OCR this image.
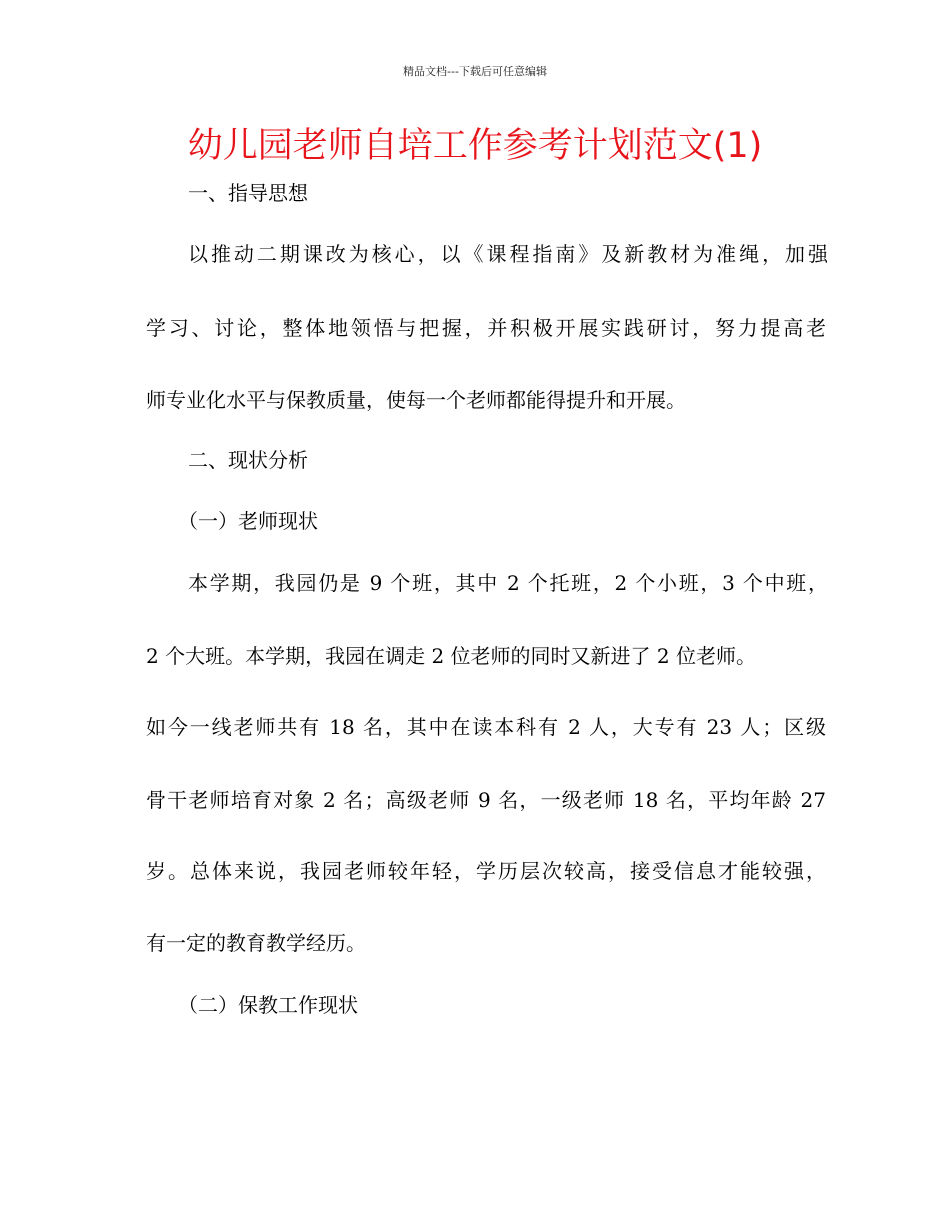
精品文档---下载后可任意编辑
幼儿园老师自培工作参考计划范文(1)

一、指导思想

以推动二期课改为核心，以《课程指南》及新教材为准绳，加强

学习、讨论，整体地领悟与把握，并积极开展实践研讨，努力提高老

师专业化水平与保教质量，使每一个老师都能得提升和开展。

二、现状分析

（一）老师现状

本学期，我园仍是 9 个班，其中 2 个托班，2 个小班，3 个中班，

2 个大班。本学期，我园在调走 2 位老师的同时又新进了 2 位老师。

如今一线老师共有 18 名，其中在读本科有 2 人，大专有 23 人；区级

骨干老师培育对象 2 名；高级老师 9 名，一级老师 18 名，平均年龄 27

岁。总体来说，我园老师较年轻，学历层次较高，接受信息才能较强，

有一定的教育教学经历。

（二）保教工作现状
